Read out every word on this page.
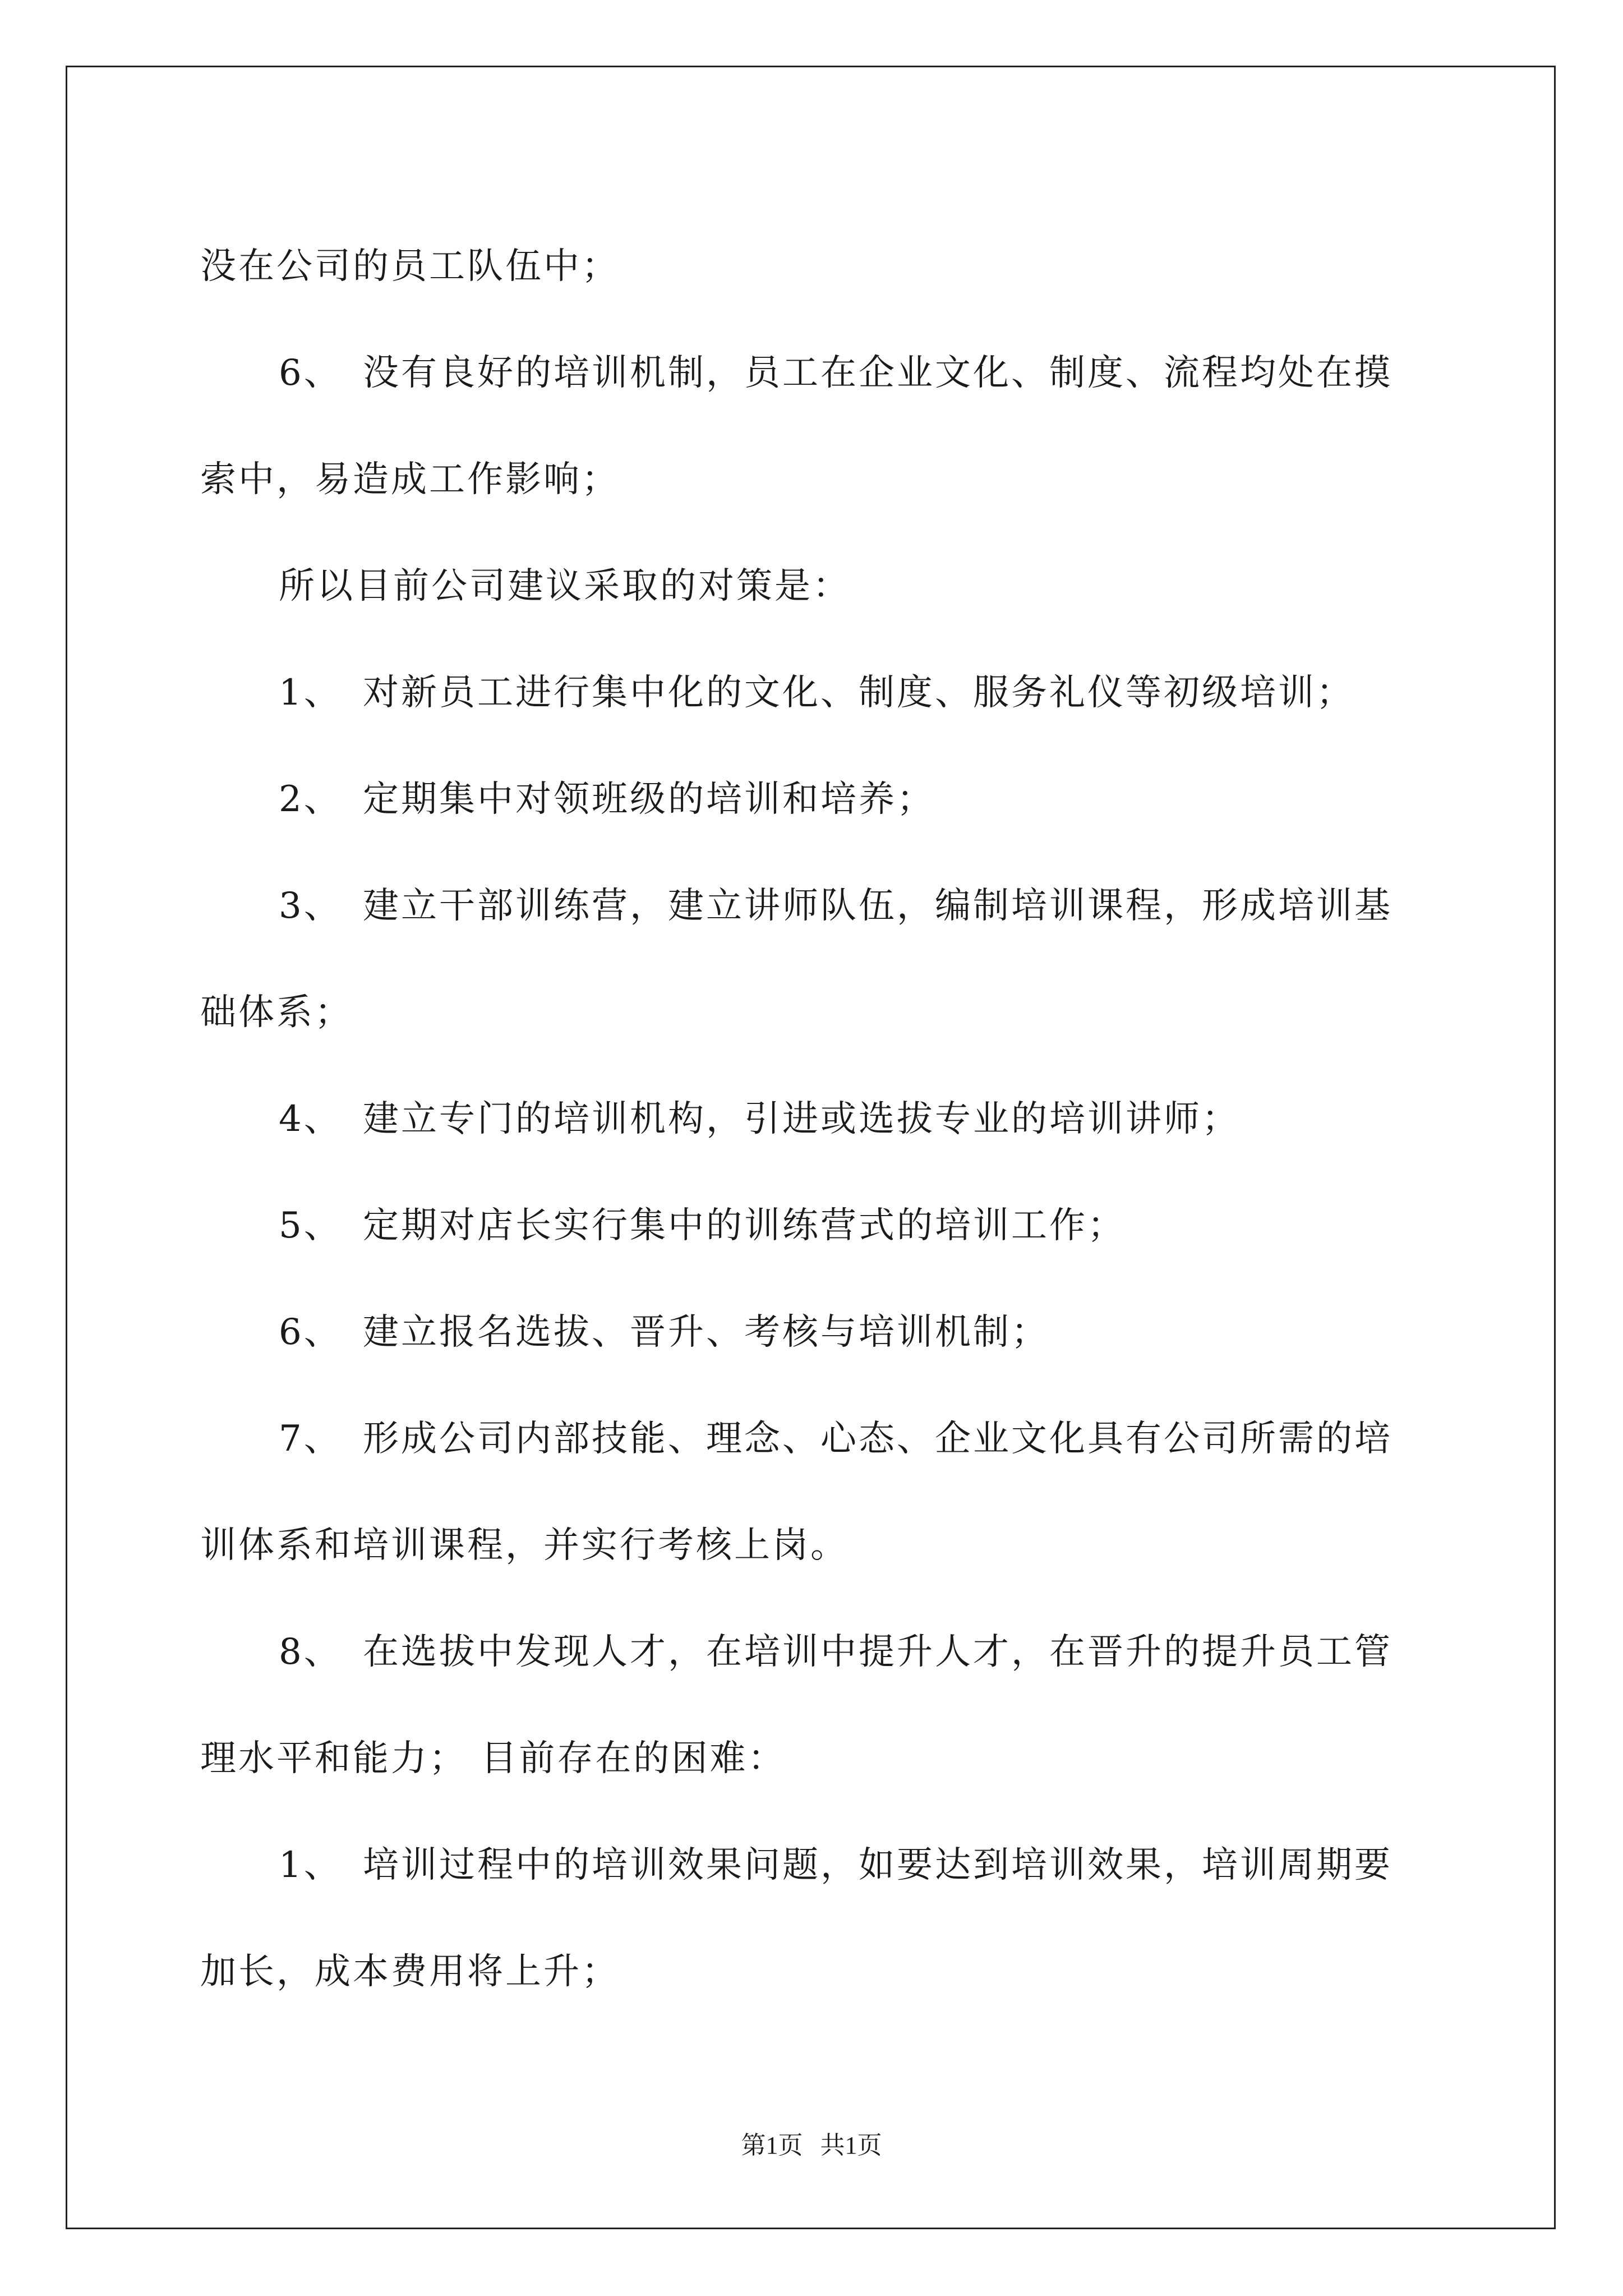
没在公司的员工队伍中；

6、 没有良好的培训机制，员工在企业文化、制度、流程均处在摸索中，易造成工作影响；

所以目前公司建议采取的对策是：

1、 对新员工进行集中化的文化、制度、服务礼仪等初级培训；

2、 定期集中对领班级的培训和培养；

3、 建立干部训练营，建立讲师队伍，编制培训课程，形成培训基础体系；

4、 建立专门的培训机构，引进或选拔专业的培训讲师；

5、 定期对店长实行集中的训练营式的培训工作；

6、 建立报名选拔、晋升、考核与培训机制；

7、 形成公司内部技能、理念、心态、企业文化具有公司所需的培训体系和培训课程，并实行考核上岗。

8、 在选拔中发现人才，在培训中提升人才，在晋升的提升员工管理水平和能力； 目前存在的困难：

1、 培训过程中的培训效果问题，如要达到培训效果，培训周期要加长，成本费用将上升；

第1页 共1页
